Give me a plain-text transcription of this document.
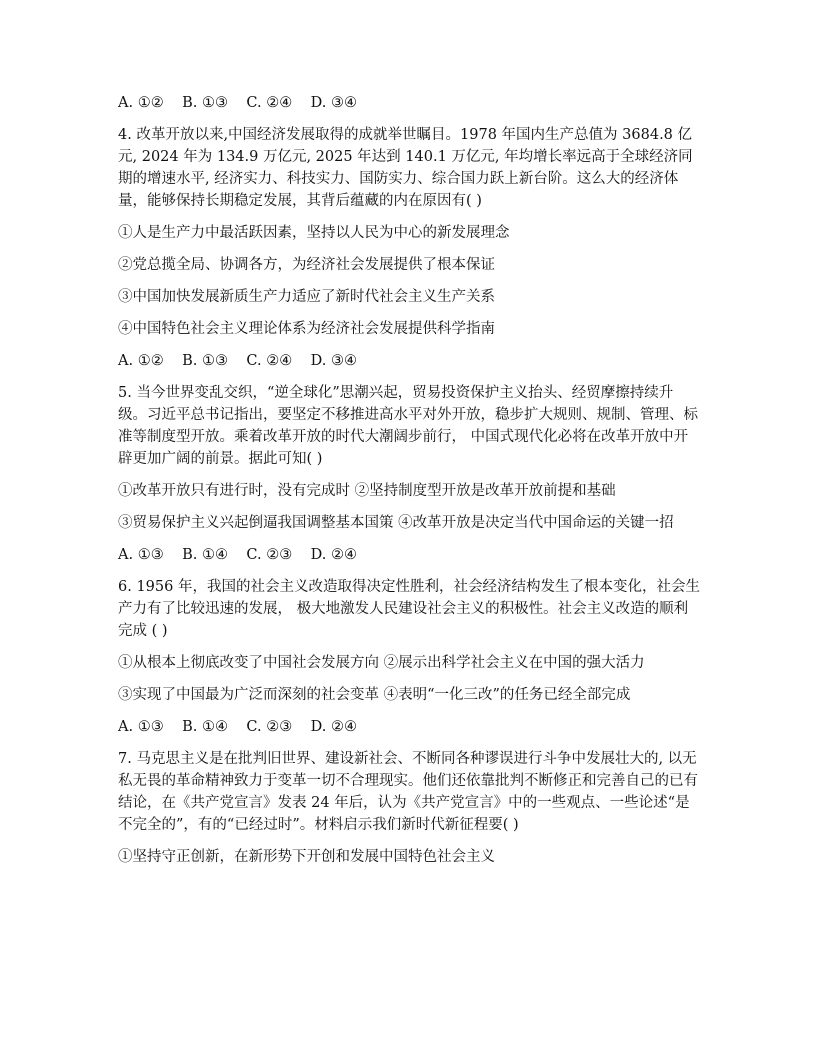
A. ①②    B. ①③    C. ②④    D. ③④
4. 改革开放以来,中国经济发展取得的成就举世瞩目。1978 年国内生产总值为 3684.8 亿元, 2024 年为 134.9 万亿元, 2025 年达到 140.1 万亿元, 年均增长率远高于全球经济同期的增速水平, 经济实力、科技实力、国防实力、综合国力跃上新台阶。这么大的经济体量，能够保持长期稳定发展，其背后蕴藏的内在原因有( )
①人是生产力中最活跃因素，坚持以人民为中心的新发展理念
②党总揽全局、协调各方，为经济社会发展提供了根本保证
③中国加快发展新质生产力适应了新时代社会主义生产关系
④中国特色社会主义理论体系为经济社会发展提供科学指南
A. ①②    B. ①③    C. ②④    D. ③④
5. 当今世界变乱交织，“逆全球化”思潮兴起，贸易投资保护主义抬头、经贸摩擦持续升级。习近平总书记指出，要坚定不移推进高水平对外开放，稳步扩大规则、规制、管理、标准等制度型开放。乘着改革开放的时代大潮阔步前行， 中国式现代化必将在改革开放中开辟更加广阔的前景。据此可知( )
①改革开放只有进行时，没有完成时 ②坚持制度型开放是改革开放前提和基础
③贸易保护主义兴起倒逼我国调整基本国策 ④改革开放是决定当代中国命运的关键一招
A. ①③    B. ①④    C. ②③    D. ②④
6. 1956 年，我国的社会主义改造取得决定性胜利，社会经济结构发生了根本变化，社会生产力有了比较迅速的发展， 极大地激发人民建设社会主义的积极性。社会主义改造的顺利完成 ( )
①从根本上彻底改变了中国社会发展方向 ②展示出科学社会主义在中国的强大活力
③实现了中国最为广泛而深刻的社会变革 ④表明“一化三改”的任务已经全部完成
A. ①③    B. ①④    C. ②③    D. ②④
7. 马克思主义是在批判旧世界、建设新社会、不断同各种谬误进行斗争中发展壮大的, 以无私无畏的革命精神致力于变革一切不合理现实。他们还依靠批判不断修正和完善自己的已有结论，在《共产党宣言》发表 24 年后，认为《共产党宣言》中的一些观点、一些论述“是不完全的”，有的“已经过时”。材料启示我们新时代新征程要( )
①坚持守正创新，在新形势下开创和发展中国特色社会主义
